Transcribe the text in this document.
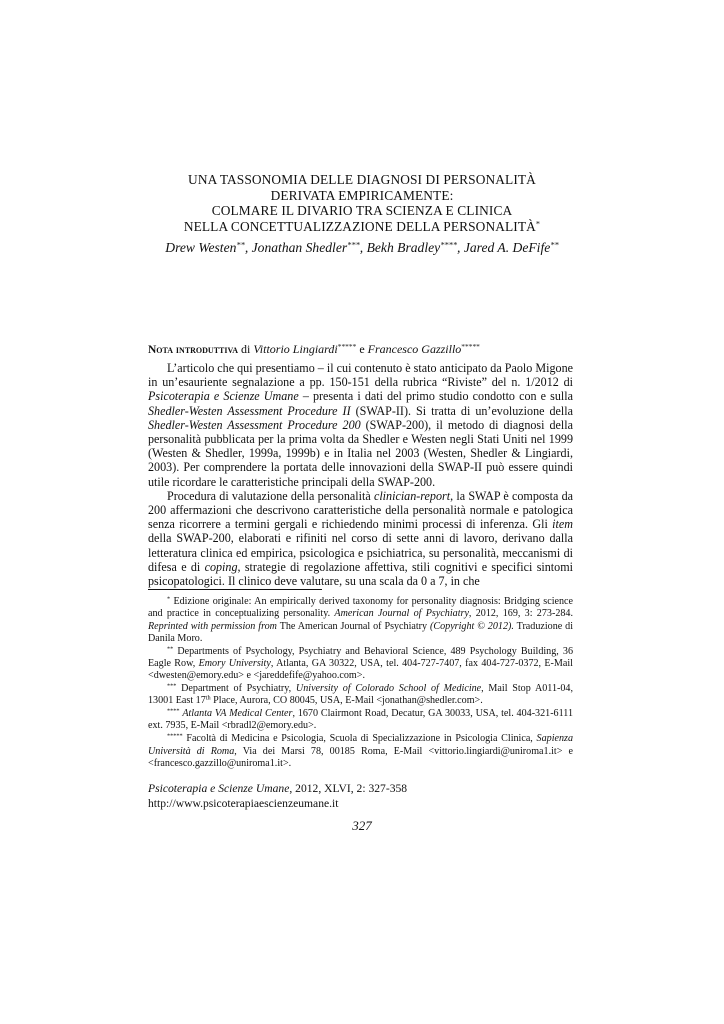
UNA TASSONOMIA DELLE DIAGNOSI DI PERSONALITÀ
DERIVATA EMPIRICAMENTE:
COLMARE IL DIVARIO TRA SCIENZA E CLINICA
NELLA CONCETTUALIZZAZIONE DELLA PERSONALITÀ*
Drew Westen**, Jonathan Shedler***, Bekh Bradley****, Jared A. DeFife**
Nota introduttiva di Vittorio Lingiardi***** e Francesco Gazzillo*****

L’articolo che qui presentiamo – il cui contenuto è stato anticipato da Paolo Migone in un’esauriente segnalazione a pp. 150-151 della rubrica “Riviste” del n. 1/2012 di Psicoterapia e Scienze Umane – presenta i dati del primo studio condotto con e sulla Shedler-Westen Assessment Procedure II (SWAP-II). Si tratta di un’evoluzione della Shedler-Westen Assessment Procedure 200 (SWAP-200), il metodo di diagnosi della personalità pubblicata per la prima volta da Shedler e Westen negli Stati Uniti nel 1999 (Westen & Shedler, 1999a, 1999b) e in Italia nel 2003 (Westen, Shedler & Lingiardi, 2003). Per comprendere la portata delle innovazioni della SWAP-II può essere quindi utile ricordare le caratteristiche principali della SWAP-200.

Procedura di valutazione della personalità clinician-report, la SWAP è composta da 200 affermazioni che descrivono caratteristiche della personalità normale e patologica senza ricorrere a termini gergali e richiedendo minimi processi di inferenza. Gli item della SWAP-200, elaborati e rifiniti nel corso di sette anni di lavoro, derivano dalla letteratura clinica ed empirica, psicologica e psichiatrica, su personalità, meccanismi di difesa e di coping, strategie di regolazione affettiva, stili cognitivi e specifici sintomi psicopatologici. Il clinico deve valutare, su una scala da 0 a 7, in che

* Edizione originale: An empirically derived taxonomy for personality diagnosis: Bridging science and practice in conceptualizing personality. American Journal of Psychiatry, 2012, 169, 3: 273-284. Reprinted with permission from The American Journal of Psychiatry (Copyright © 2012). Traduzione di Danila Moro.

** Departments of Psychology, Psychiatry and Behavioral Science, 489 Psychology Building, 36 Eagle Row, Emory University, Atlanta, GA 30322, USA, tel. 404-727-7407, fax 404-727-0372, E-Mail <dwesten@emory.edu> e <jareddefife@yahoo.com>.

*** Department of Psychiatry, University of Colorado School of Medicine, Mail Stop A011-04, 13001 East 17th Place, Aurora, CO 80045, USA, E-Mail <jonathan@shedler.com>.

**** Atlanta VA Medical Center, 1670 Clairmont Road, Decatur, GA 30033, USA, tel. 404-321-6111 ext. 7935, E-Mail <rbradl2@emory.edu>.

***** Facoltà di Medicina e Psicologia, Scuola di Specializzazione in Psicologia Clinica, Sapienza Università di Roma, Via dei Marsi 78, 00185 Roma, E-Mail <vittorio.lingiardi@uniroma1.it> e <francesco.gazzillo@uniroma1.it>.

Psicoterapia e Scienze Umane, 2012, XLVI, 2: 327-358
http://www.psicoterapiaescienzeumane.it
327
